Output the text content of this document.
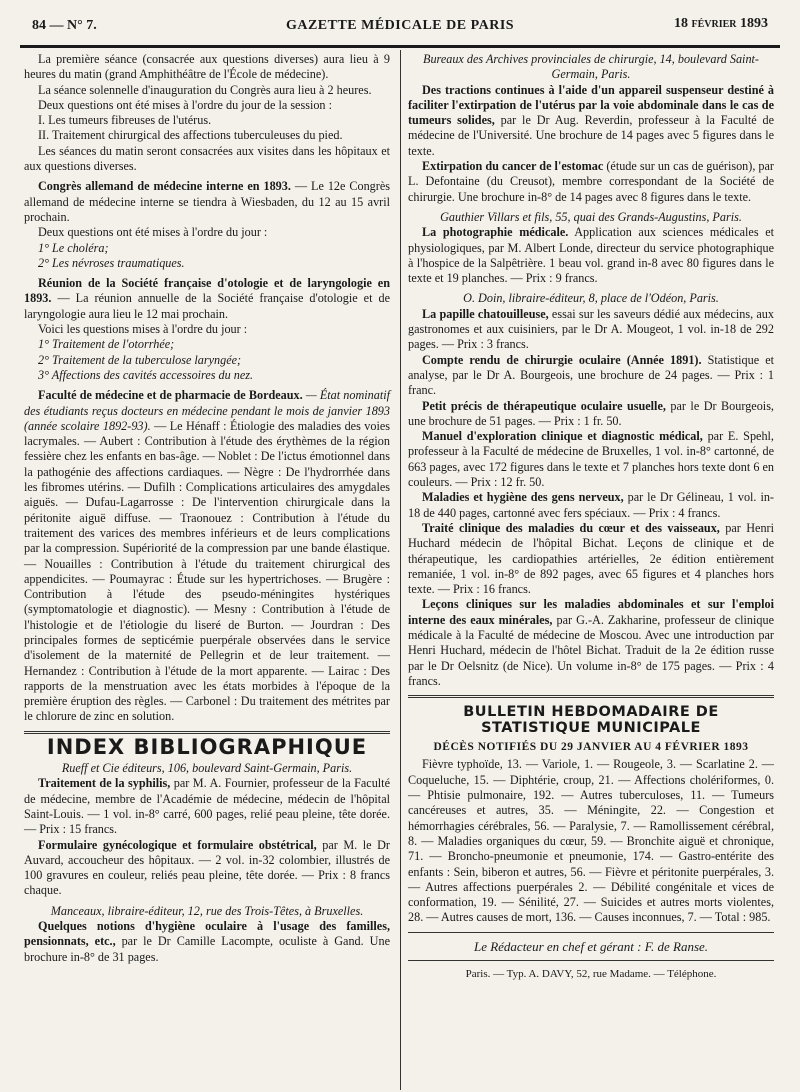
84 — N° 7.	GAZETTE MÉDICALE DE PARIS	18 FÉVRIER 1893

La première séance (consacrée aux questions diverses) aura lieu à 9 heures du matin (grand Amphithéâtre de l'École de médecine).

La séance solennelle d'inauguration du Congrès aura lieu à 2 heures.

Deux questions ont été mises à l'ordre du jour de la session :

I. Les tumeurs fibreuses de l'utérus.

II. Traitement chirurgical des affections tuberculeuses du pied.

Les séances du matin seront consacrées aux visites dans les hôpitaux et aux questions diverses.

Congrès allemand de médecine interne en 1893. — Le 12e Congrès allemand de médecine interne se tiendra à Wiesbaden, du 12 au 15 avril prochain.

Deux questions ont été mises à l'ordre du jour :

1° Le choléra;

2° Les névroses traumatiques.

Réunion de la Société française d'otologie et de laryngologie en 1893. — La réunion annuelle de la Société française d'otologie et de laryngologie aura lieu le 12 mai prochain.

Voici les questions mises à l'ordre du jour :

1° Traitement de l'otorrhée;

2° Traitement de la tuberculose laryngée;

3° Affections des cavités accessoires du nez.

Faculté de médecine et de pharmacie de Bordeaux. — État nominatif des étudiants reçus docteurs en médecine pendant le mois de janvier 1893 (année scolaire 1892-93). — Le Hénaff : Étiologie des maladies des voies lacrymales. — Aubert : Contribution à l'étude des érythèmes de la région fessière chez les enfants en bas-âge. — Noblet : De l'ictus émotionnel dans la pathogénie des affections cardiaques. — Nègre : De l'hydrorrhée dans les fibromes utérins. — Dufilh : Complications articulaires des amygdales aiguës. — Dufau-Lagarrosse : De l'intervention chirurgicale dans la péritonite aiguë diffuse. — Traonouez : Contribution à l'étude du traitement des varices des membres inférieurs et de leurs complications par la compression. Supériorité de la compression par une bande élastique. — Nouailles : Contribution à l'étude du traitement chirurgical des appendicites. — Poumayrac : Étude sur les hypertrichoses. — Brugère : Contribution à l'étude des pseudo-méningites hystériques (symptomatologie et diagnostic). — Mesny : Contribution à l'étude de l'histologie et de l'étiologie du liseré de Burton. — Jourdran : Des principales formes de septicémie puerpérale observées dans le service d'isolement de la maternité de Pellegrin et de leur traitement. — Hernandez : Contribution à l'étude de la mort apparente. — Lairac : Des rapports de la menstruation avec les états morbides à l'époque de la première éruption des règles. — Carbonel : Du traitement des métrites par le chlorure de zinc en solution.

INDEX BIBLIOGRAPHIQUE

Rueff et Cie éditeurs, 106, boulevard Saint-Germain, Paris.

Traitement de la syphilis, par M. A. Fournier, professeur de la Faculté de médecine, membre de l'Académie de médecine, médecin de l'hôpital Saint-Louis. — 1 vol. in-8° carré, 600 pages, relié peau pleine, tête dorée. — Prix : 15 francs.

Formulaire gynécologique et formulaire obstétrical, par M. le Dr Auvard, accoucheur des hôpitaux. — 2 vol. in-32 colombier, illustrés de 100 gravures en couleur, reliés peau pleine, tête dorée. — Prix : 8 francs chaque.

Manceaux, libraire-éditeur, 12, rue des Trois-Têtes, à Bruxelles.

Quelques notions d'hygiène oculaire à l'usage des familles, pensionnats, etc., par le Dr Camille Lacompte, oculiste à Gand. Une brochure in-8° de 31 pages.

Bureaux des Archives provinciales de chirurgie, 14, boulevard Saint-Germain, Paris.

Des tractions continues à l'aide d'un appareil suspenseur destiné à faciliter l'extirpation de l'utérus par la voie abdominale dans le cas de tumeurs solides, par le Dr Aug. Reverdin, professeur à la Faculté de médecine de l'Université. Une brochure de 14 pages avec 5 figures dans le texte.

Extirpation du cancer de l'estomac (étude sur un cas de guérison), par L. Defontaine (du Creusot), membre correspondant de la Société de chirurgie. Une brochure in-8° de 14 pages avec 8 figures dans le texte.

Gauthier Villars et fils, 55, quai des Grands-Augustins, Paris.

La photographie médicale. Application aux sciences médicales et physiologiques, par M. Albert Londe, directeur du service photographique à l'hospice de la Salpêtrière. 1 beau vol. grand in-8 avec 80 figures dans le texte et 19 planches. — Prix : 9 francs.

O. Doin, libraire-éditeur, 8, place de l'Odéon, Paris.

La papille chatouilleuse, essai sur les saveurs dédié aux médecins, aux gastronomes et aux cuisiniers, par le Dr A. Mougeot, 1 vol. in-18 de 292 pages. — Prix : 3 francs.

Compte rendu de chirurgie oculaire (Année 1891). Statistique et analyse, par le Dr A. Bourgeois, une brochure de 24 pages. — Prix : 1 franc.

Petit précis de thérapeutique oculaire usuelle, par le Dr Bourgeois, une brochure de 51 pages. — Prix : 1 fr. 50.

Manuel d'exploration clinique et diagnostic médical, par E. Spehl, professeur à la Faculté de médecine de Bruxelles, 1 vol. in-8° cartonné, de 663 pages, avec 172 figures dans le texte et 7 planches hors texte dont 6 en couleurs. — Prix : 12 fr. 50.

Maladies et hygiène des gens nerveux, par le Dr Gélineau, 1 vol. in-18 de 440 pages, cartonné avec fers spéciaux. — Prix : 4 francs.

Traité clinique des maladies du cœur et des vaisseaux, par Henri Huchard médecin de l'hôpital Bichat. Leçons de clinique et de thérapeutique, les cardiopathies artérielles, 2e édition entièrement remaniée, 1 vol. in-8° de 892 pages, avec 65 figures et 4 planches hors texte. — Prix : 16 francs.

Leçons cliniques sur les maladies abdominales et sur l'emploi interne des eaux minérales, par G.-A. Zakharine, professeur de clinique médicale à la Faculté de médecine de Moscou. Avec une introduction par Henri Huchard, médecin de l'hôtel Bichat. Traduit de la 2e édition russe par le Dr Oelsnitz (de Nice). Un volume in-8° de 175 pages. — Prix : 4 francs.

BULLETIN HEBDOMADAIRE DE STATISTIQUE MUNICIPALE
DÉCÈS NOTIFIÉS DU 29 JANVIER AU 4 FÉVRIER 1893

Fièvre typhoïde, 13. — Variole, 1. — Rougeole, 3. — Scarlatine 2. — Coqueluche, 15. — Diphtérie, croup, 21. — Affections cholériformes, 0. — Phtisie pulmonaire, 192. — Autres tuberculoses, 11. — Tumeurs cancéreuses et autres, 35. — Méningite, 22. — Congestion et hémorrhagies cérébrales, 56. — Paralysie, 7. — Ramollissement cérébral, 8. — Maladies organiques du cœur, 59. — Bronchite aiguë et chronique, 71. — Broncho-pneumonie et pneumonie, 174. — Gastro-entérite des enfants : Sein, biberon et autres, 56. — Fièvre et péritonite puerpérales, 3. — Autres affections puerpérales 2. — Débilité congénitale et vices de conformation, 19. — Sénilité, 27. — Suicides et autres morts violentes, 28. — Autres causes de mort, 136. — Causes inconnues, 7. — Total : 985.

Le Rédacteur en chef et gérant : F. de Ranse.
Paris. — Typ. A. DAVY, 52, rue Madame. — Téléphone.
